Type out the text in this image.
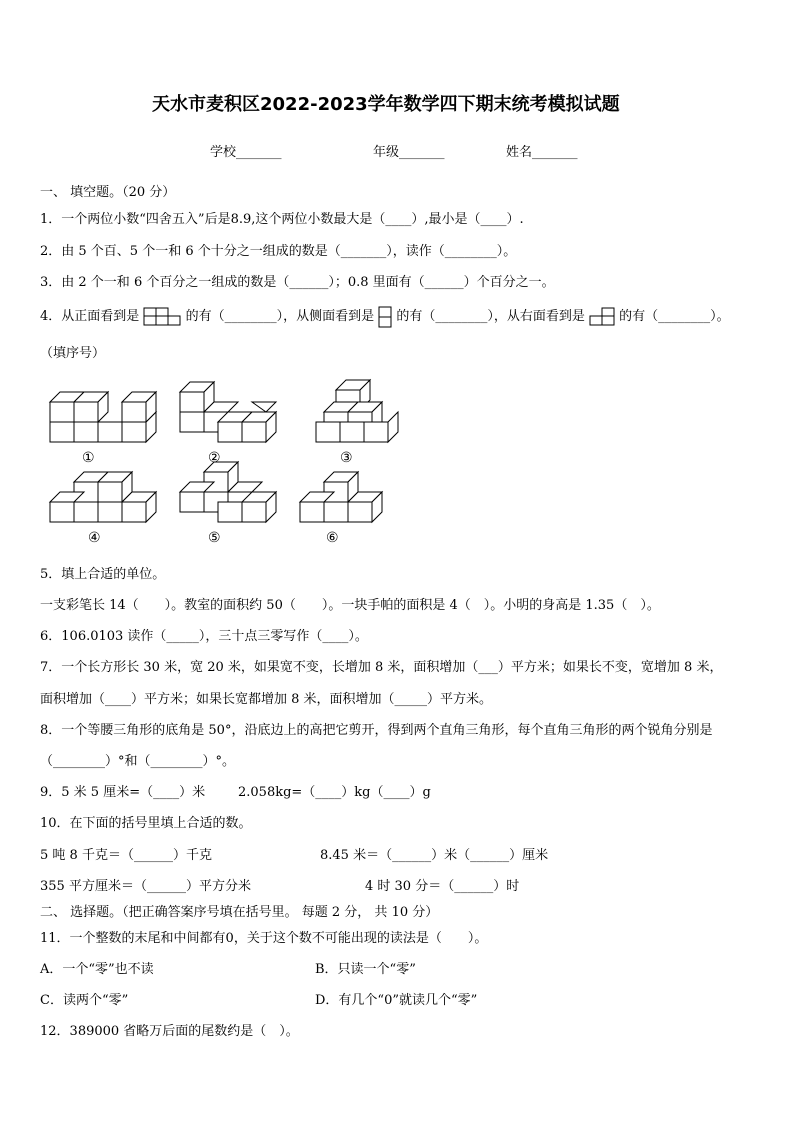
天水市麦积区2022-2023学年数学四下期末统考模拟试题
学校_______	年级_______	姓名_______
一、 填空题。（20 分）
1．一个两位小数“四舍五入”后是8.9,这个两位小数最大是（____）,最小是（____）.
2．由 5 个百、5 个一和 6 个十分之一组成的数是（_______），读作（________）。
3．由 2 个一和 6 个百分之一组成的数是（______）；0.8 里面有（______）个百分之一。
4．从正面看到是	的有（________），从侧面看到是 的有（________），从右面看到是	的有（________）。
（填序号）
①	②	③
④	⑤	⑥
5．填上合适的单位。
一支彩笔长 14（　　）。教室的面积约 50（　　）。一块手帕的面积是 4（　）。小明的身高是 1.35（　）。
6．106.0103 读作（_____），三十点三零写作（____）。
7．一个长方形长 30 米，宽 20 米，如果宽不变，长增加 8 米，面积增加（___）平方米；如果长不变，宽增加 8 米，
面积增加（____）平方米；如果长宽都增加 8 米，面积增加（_____）平方米。
8．一个等腰三角形的底角是 50°，沿底边上的高把它剪开，得到两个直角三角形，每个直角三角形的两个锐角分别是
（________）°和（________）°。
9．5 米 5 厘米=（____）米	2.058kg=（____）kg（____）g
10．在下面的括号里填上合适的数。
5 吨 8 千克＝（______）千克	8.45 米＝（______）米（______）厘米
355 平方厘米＝（______）平方分米	4 时 30 分＝（______）时
二、 选择题。（把正确答案序号填在括号里。 每题 2 分， 共 10 分）
11．一个整数的末尾和中间都有0，关于这个数不可能出现的读法是（　　）。
A．一个“零”也不读	B．只读一个“零”
C．读两个“零”	D．有几个“0”就读几个“零”
12．389000 省略万后面的尾数约是（　）。
